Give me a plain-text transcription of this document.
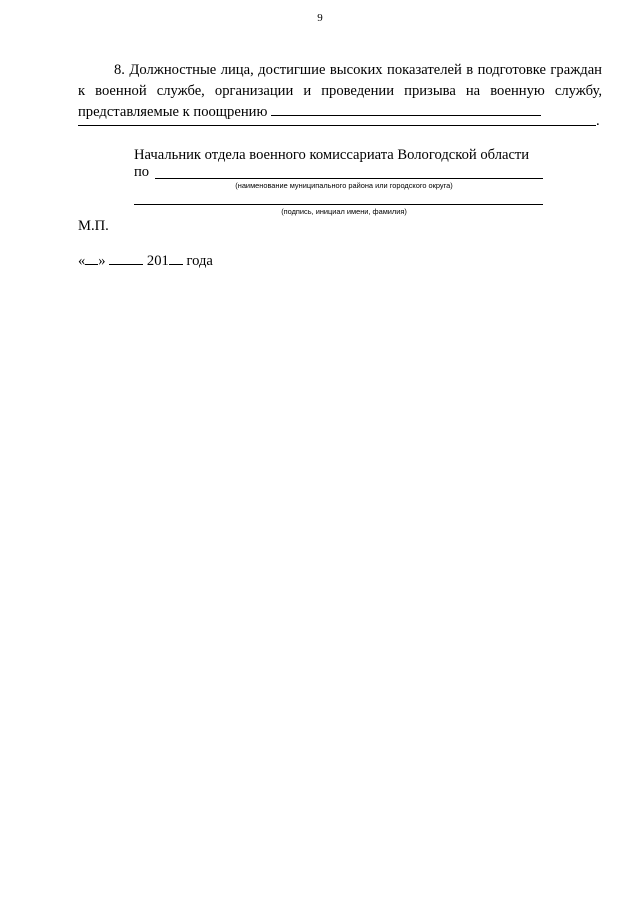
9
8. Должностные лица, достигшие высоких показателей в подготовке граждан к военной службе, организации и проведении призыва на военную службу, представляемые к поощрению
.
Начальник отдела военного комиссариата Вологодской области
по
(наименование муниципального района или городского округа)
(подпись, инициал имени, фамилия)
М.П.
« »	201 года
